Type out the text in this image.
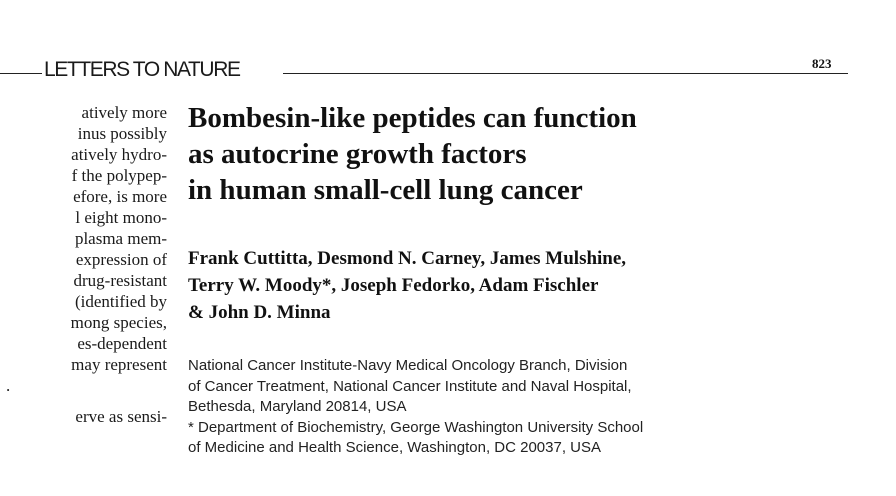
LETTERS TO NATURE	823
atively more
inus possibly
atively hydro-
f the polypep-
efore, is more
l eight mono-
plasma mem-
expression of
drug-resistant
(identified by
mong species,
es-dependent
may represent
.
erve as sensi-
Bombesin-like peptides can function
as autocrine growth factors
in human small-cell lung cancer
Frank Cuttitta, Desmond N. Carney, James Mulshine,
Terry W. Moody*, Joseph Fedorko, Adam Fischler
& John D. Minna
National Cancer Institute-Navy Medical Oncology Branch, Division
of Cancer Treatment, National Cancer Institute and Naval Hospital,
Bethesda, Maryland 20814, USA
* Department of Biochemistry, George Washington University School
of Medicine and Health Science, Washington, DC 20037, USA
